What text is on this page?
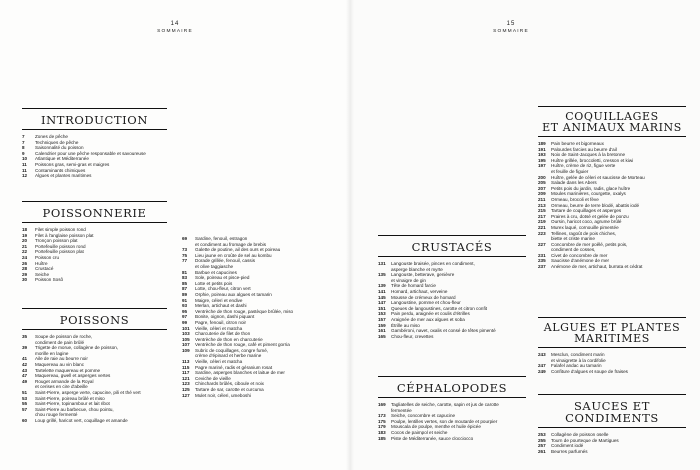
14
SOMMAIRE
INTRODUCTION
7	Zones de pêche
7	Techniques de pêche
8	Saisonnalité du poisson
9	Calendrier pour une pêche responsable et savoureuse
10	Atlantique et Méditerranée
11	Poissons gras, semi-gras et maigres
11	Contaminants chimiques
12	Algues et plantes maritimes
POISSONNERIE
18	Filet simple poisson rond
19	Filet à l'anglaise poisson plat
20	Tronçon poisson plat
21	Portefeuille poisson rond
22	Portefeuille poisson plat
24	Poisson cru
26	Huître
28	Crustacé
29	Seiche
30	Poisson Sosô
POISSONS
35	Soupe de poisson de roche,
condiment de pain brûlé
39	Trigette de morue, collagène de poisson,
morille en lagine
41	Aile de raie au beurre noir
42	Maquereau au vin blanc
43	Tartelette maquereau et pomme
47	Maquereau, gwell et asperges vertes
49	Rouget armande de la Royal
et cerises en cire d'abeille
51	Saint-Pierre, asperge verte, capucine, pili et thé vert
53	Saint-Pierre, poireau brûlé et miso
55	Saint-Pierre, topinambour et lait ribot
57	Saint-Pierre au barbecue, chou pointu,
chou rouge fermenté
60	Loup grillé, haricot vert, coquillage et amande
69	Sardine, fenouil, estragon
et condiment au fromage de brebis
73	Galette de poutine, ail des ours et poireau
75	Lieu jaune en croûte de sel au kombu
77	Dorade grillée, fenouil, cassis
et olive taggiasche
81	Barbue et capucines
83	Sole, poireau et pisce-pied
85	Lotte et petits pois
87	Lotte, chou-fleur, citron vert
89	Orphie, poireau aux algues et tamarin
91	Maigre, céleri et endive
93	Merlan, artichaut et dashi
95	Ventrèche de thon rouge, pastèque brûlée, miso
97	Bonite, oignon, dashi piquant
99	Pagre, fenouil, citron noir
101	Vieille, céleri et matcha
103	Charcuterie de filet de thon
105	Ventrèche de thon en charcuterie
107	Ventrèche de thon rouge, café et piment gorria
109	Subric de coquillages, congre fumé,
crème d'épinard et herbe marine
113	Vieille, céleri et matcha
115	Pagre mariné, radis et géranium rosat
117	Sardine, asperges blanches et laitue de mer
121	Ceviche de vieille
123	Chinchards brûlés, ciboule et noix
125	Tartare de sar, carotte et curcuma
127	Mulet noir, céleri, umeboshi
15
SOMMAIRE
CRUSTACÉS
131	Langouste braisée, pinces en condiment,
asperge blanche et myrte
135	Langouste, betterave, genièvre
et vinaigre de gin
139	Tête de homard farcie
141	Homard, artichaut, verveine
145	Mousse de crémeux de homard
147	Langoustine, pomme et chou-fleur
151	Queues de langoustines, carotte et citron confit
153	Pain perdu, araignée et coulis d'étrilles
157	Araignée de mer aux algues et soba
159	Étrille au miso
161	Gambéroni, navet, oxalis et consé de têtes pimenté
165	Chou-fleur, crevettes
CÉPHALOPODES
169	Tagliatelles de seiche, carotte, sapin et jus de carotte
fermentée
173	Seiche, concombre et capucine
175	Poulpe, lentilles vertes, son de moutarde et pourpier
179	Mouscala de poulpe, menthe et huile épicée
183	Cocos de paimpol et seiche
185	Piste de Méditerranée, sauce clocciocco
COQUILLAGES
ET ANIMAUX MARINS
189	Pain beurre et bigorneaux
191	Palourdes farcies au beurre d'ail
193	Noix de Saint-Jacques à la bretonne
195	Huître grillée, broccoletti, cresson et kiwi
197	Huître, crème de riz, figue verte
et feuille de figuier
200	Huître, gelée de céleri et saucisse de Morteau
205	Salade dans les Abers
207	Petits pois du jardin, radis, glace huître
209	Moules marinières, courgette, oxalys
211	Ormeau, brocoli et fève
213	Ormeau, beurre de terre blodé, abattis iodé
215	Tartare de coquillages et asperges
217	Praires à cru, dotsé et gelée de ponzu
219	Oursin, haricot coco, agrume brûlé
221	Murex laqué, cornouille pimentée
223	Tellines, ragoût de pois chiches,
biette et criste marine
227	Concombre de mer poêlé, petits pois,
condiment de cosses,
231	Civet de concombre de mer
235	Saucisse d'anémone de mer
237	Anémone de mer, artichaut, burrata et cédrat
ALGUES ET PLANTES
MARITIMES
243	Mesclun, condiment marin
et vinaigrette à la cordifolie
247	Falafel andac au tamarin
249	Confiture d'algues et soupe de fraises
SAUCES ET CONDIMENTS
253	Collagène de poisson oselle
255	Tourn de pourteque de Martigues
257	Condiment iodé
261	Beurres parfumés
